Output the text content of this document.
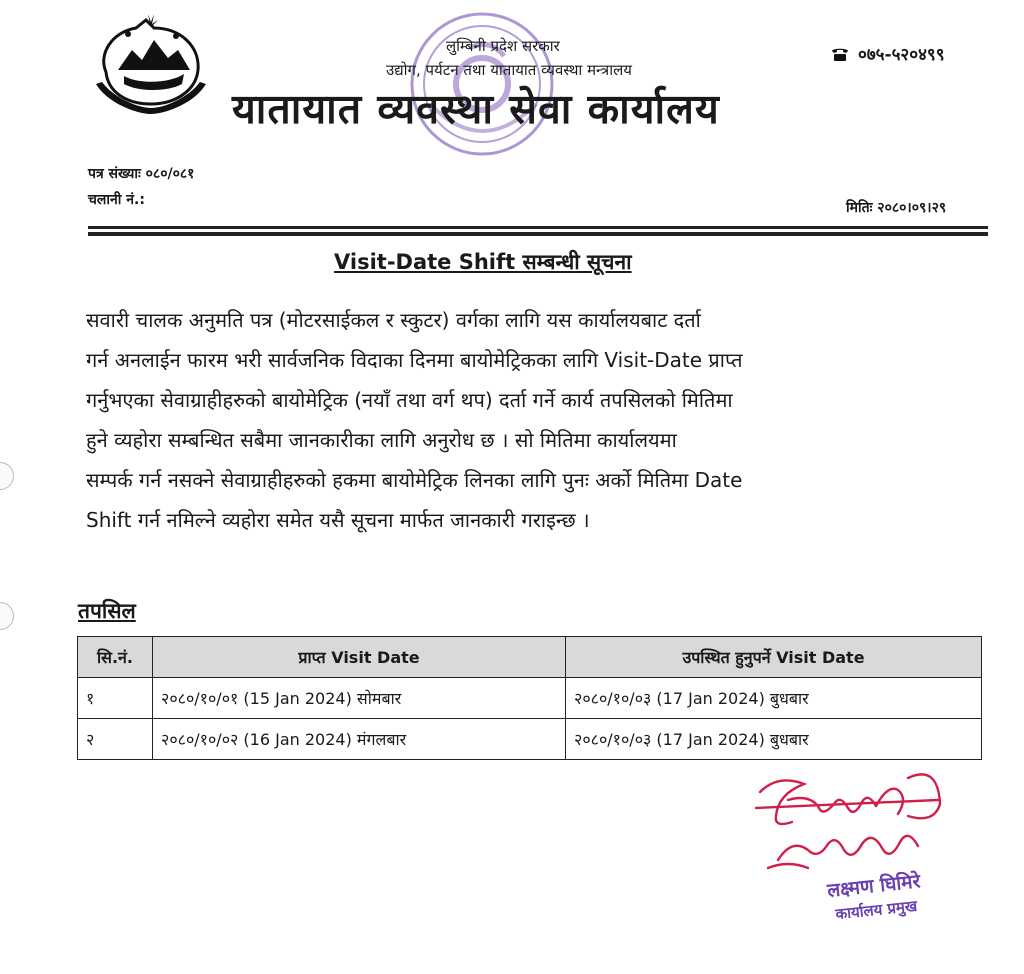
लुम्बिनी प्रदेश सरकार
उद्योग, पर्यटन तथा यातायात व्यवस्था मन्त्रालय
यातायात व्यवस्था सेवा कार्यालय
०७५-५२०४९९
पत्र संख्याः ०८०/०८१
चलानी नं.:	मितिः २०८०।०९।२९
Visit-Date Shift सम्बन्धी सूचना
सवारी चालक अनुमति पत्र (मोटरसाईकल र स्कुटर) वर्गका लागि यस कार्यालयबाट दर्ता
गर्न अनलाईन फारम भरी सार्वजनिक विदाका दिनमा बायोमेट्रिकका लागि Visit-Date प्राप्त
गर्नुभएका सेवाग्राहीहरुको बायोमेट्रिक (नयाँ तथा वर्ग थप) दर्ता गर्ने कार्य तपसिलको मितिमा
हुने व्यहोरा सम्बन्धित सबैमा जानकारीका लागि अनुरोध छ । सो मितिमा कार्यालयमा
सम्पर्क गर्न नसक्ने सेवाग्राहीहरुको हकमा बायोमेट्रिक लिनका लागि पुनः अर्को मितिमा Date
Shift गर्न नमिल्ने व्यहोरा समेत यसै सूचना मार्फत जानकारी गराइन्छ ।
तपसिल
सि.नं.	प्राप्त Visit Date	उपस्थित हुनुपर्ने Visit Date
१	२०८०/१०/०१ (15 Jan 2024) सोमबार	२०८०/१०/०३ (17 Jan 2024) बुधबार
२	२०८०/१०/०२ (16 Jan 2024) मंगलबार	२०८०/१०/०३ (17 Jan 2024) बुधबार
लक्ष्मण घिमिरे
कार्यालय प्रमुख
